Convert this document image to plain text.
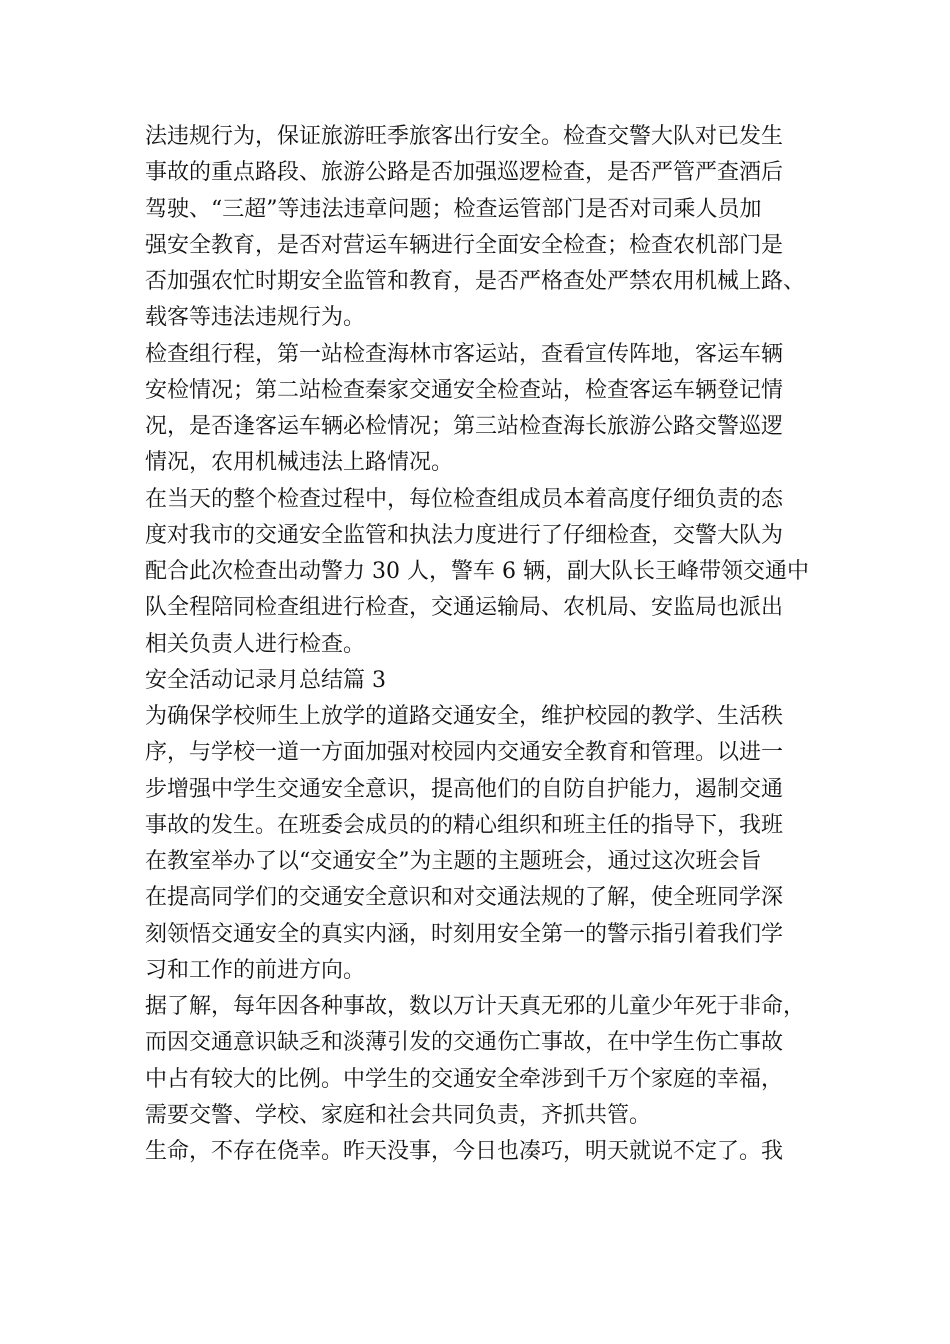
法违规行为，保证旅游旺季旅客出行安全。检查交警大队对已发生
事故的重点路段、旅游公路是否加强巡逻检查，是否严管严查酒后
驾驶、“三超”等违法违章问题；检查运管部门是否对司乘人员加
强安全教育，是否对营运车辆进行全面安全检查；检查农机部门是
否加强农忙时期安全监管和教育，是否严格查处严禁农用机械上路、
载客等违法违规行为。
检查组行程，第一站检查海林市客运站，查看宣传阵地，客运车辆
安检情况；第二站检查秦家交通安全检查站，检查客运车辆登记情
况，是否逢客运车辆必检情况；第三站检查海长旅游公路交警巡逻
情况，农用机械违法上路情况。
在当天的整个检查过程中，每位检查组成员本着高度仔细负责的态
度对我市的交通安全监管和执法力度进行了仔细检查，交警大队为
配合此次检查出动警力 30 人，警车 6 辆，副大队长王峰带领交通中
队全程陪同检查组进行检查，交通运输局、农机局、安监局也派出
相关负责人进行检查。
安全活动记录月总结篇 3
为确保学校师生上放学的道路交通安全，维护校园的教学、生活秩
序，与学校一道一方面加强对校园内交通安全教育和管理。以进一
步增强中学生交通安全意识，提高他们的自防自护能力，遏制交通
事故的发生。在班委会成员的的精心组织和班主任的指导下，我班
在教室举办了以“交通安全”为主题的主题班会，通过这次班会旨
在提高同学们的交通安全意识和对交通法规的了解，使全班同学深
刻领悟交通安全的真实内涵，时刻用安全第一的警示指引着我们学
习和工作的前进方向。
据了解，每年因各种事故，数以万计天真无邪的儿童少年死于非命，
而因交通意识缺乏和淡薄引发的交通伤亡事故，在中学生伤亡事故
中占有较大的比例。中学生的交通安全牵涉到千万个家庭的幸福，
需要交警、学校、家庭和社会共同负责，齐抓共管。
生命，不存在侥幸。昨天没事，今日也凑巧，明天就说不定了。我
